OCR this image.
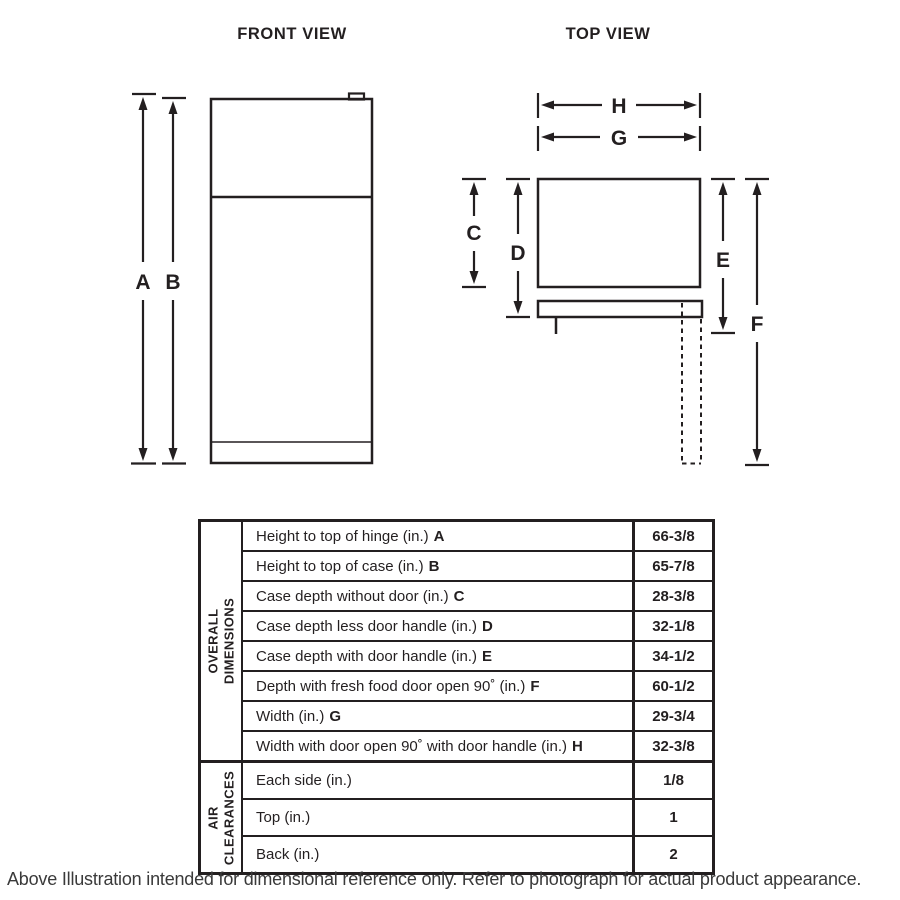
FRONT VIEW	TOP VIEW
A B
H
G
C
D	E
F
OVERALL DIMENSIONS
Height to top of hinge (in.) A	66-3/8
Height to top of case (in.) B	65-7/8
Case depth without door (in.) C	28-3/8
Case depth less door handle (in.) D	32-1/8
Case depth with door handle (in.) E	34-1/2
Depth with fresh food door open 90˚ (in.) F	60-1/2
Width (in.) G	29-3/4
Width with door open 90˚ with door handle (in.) H	32-3/8
AIR CLEARANCES Each side (in.)	1/8
Top (in.)	1
Back (in.)	2
Above Illustration intended for dimensional reference only. Refer to photograph for actual product appearance.
